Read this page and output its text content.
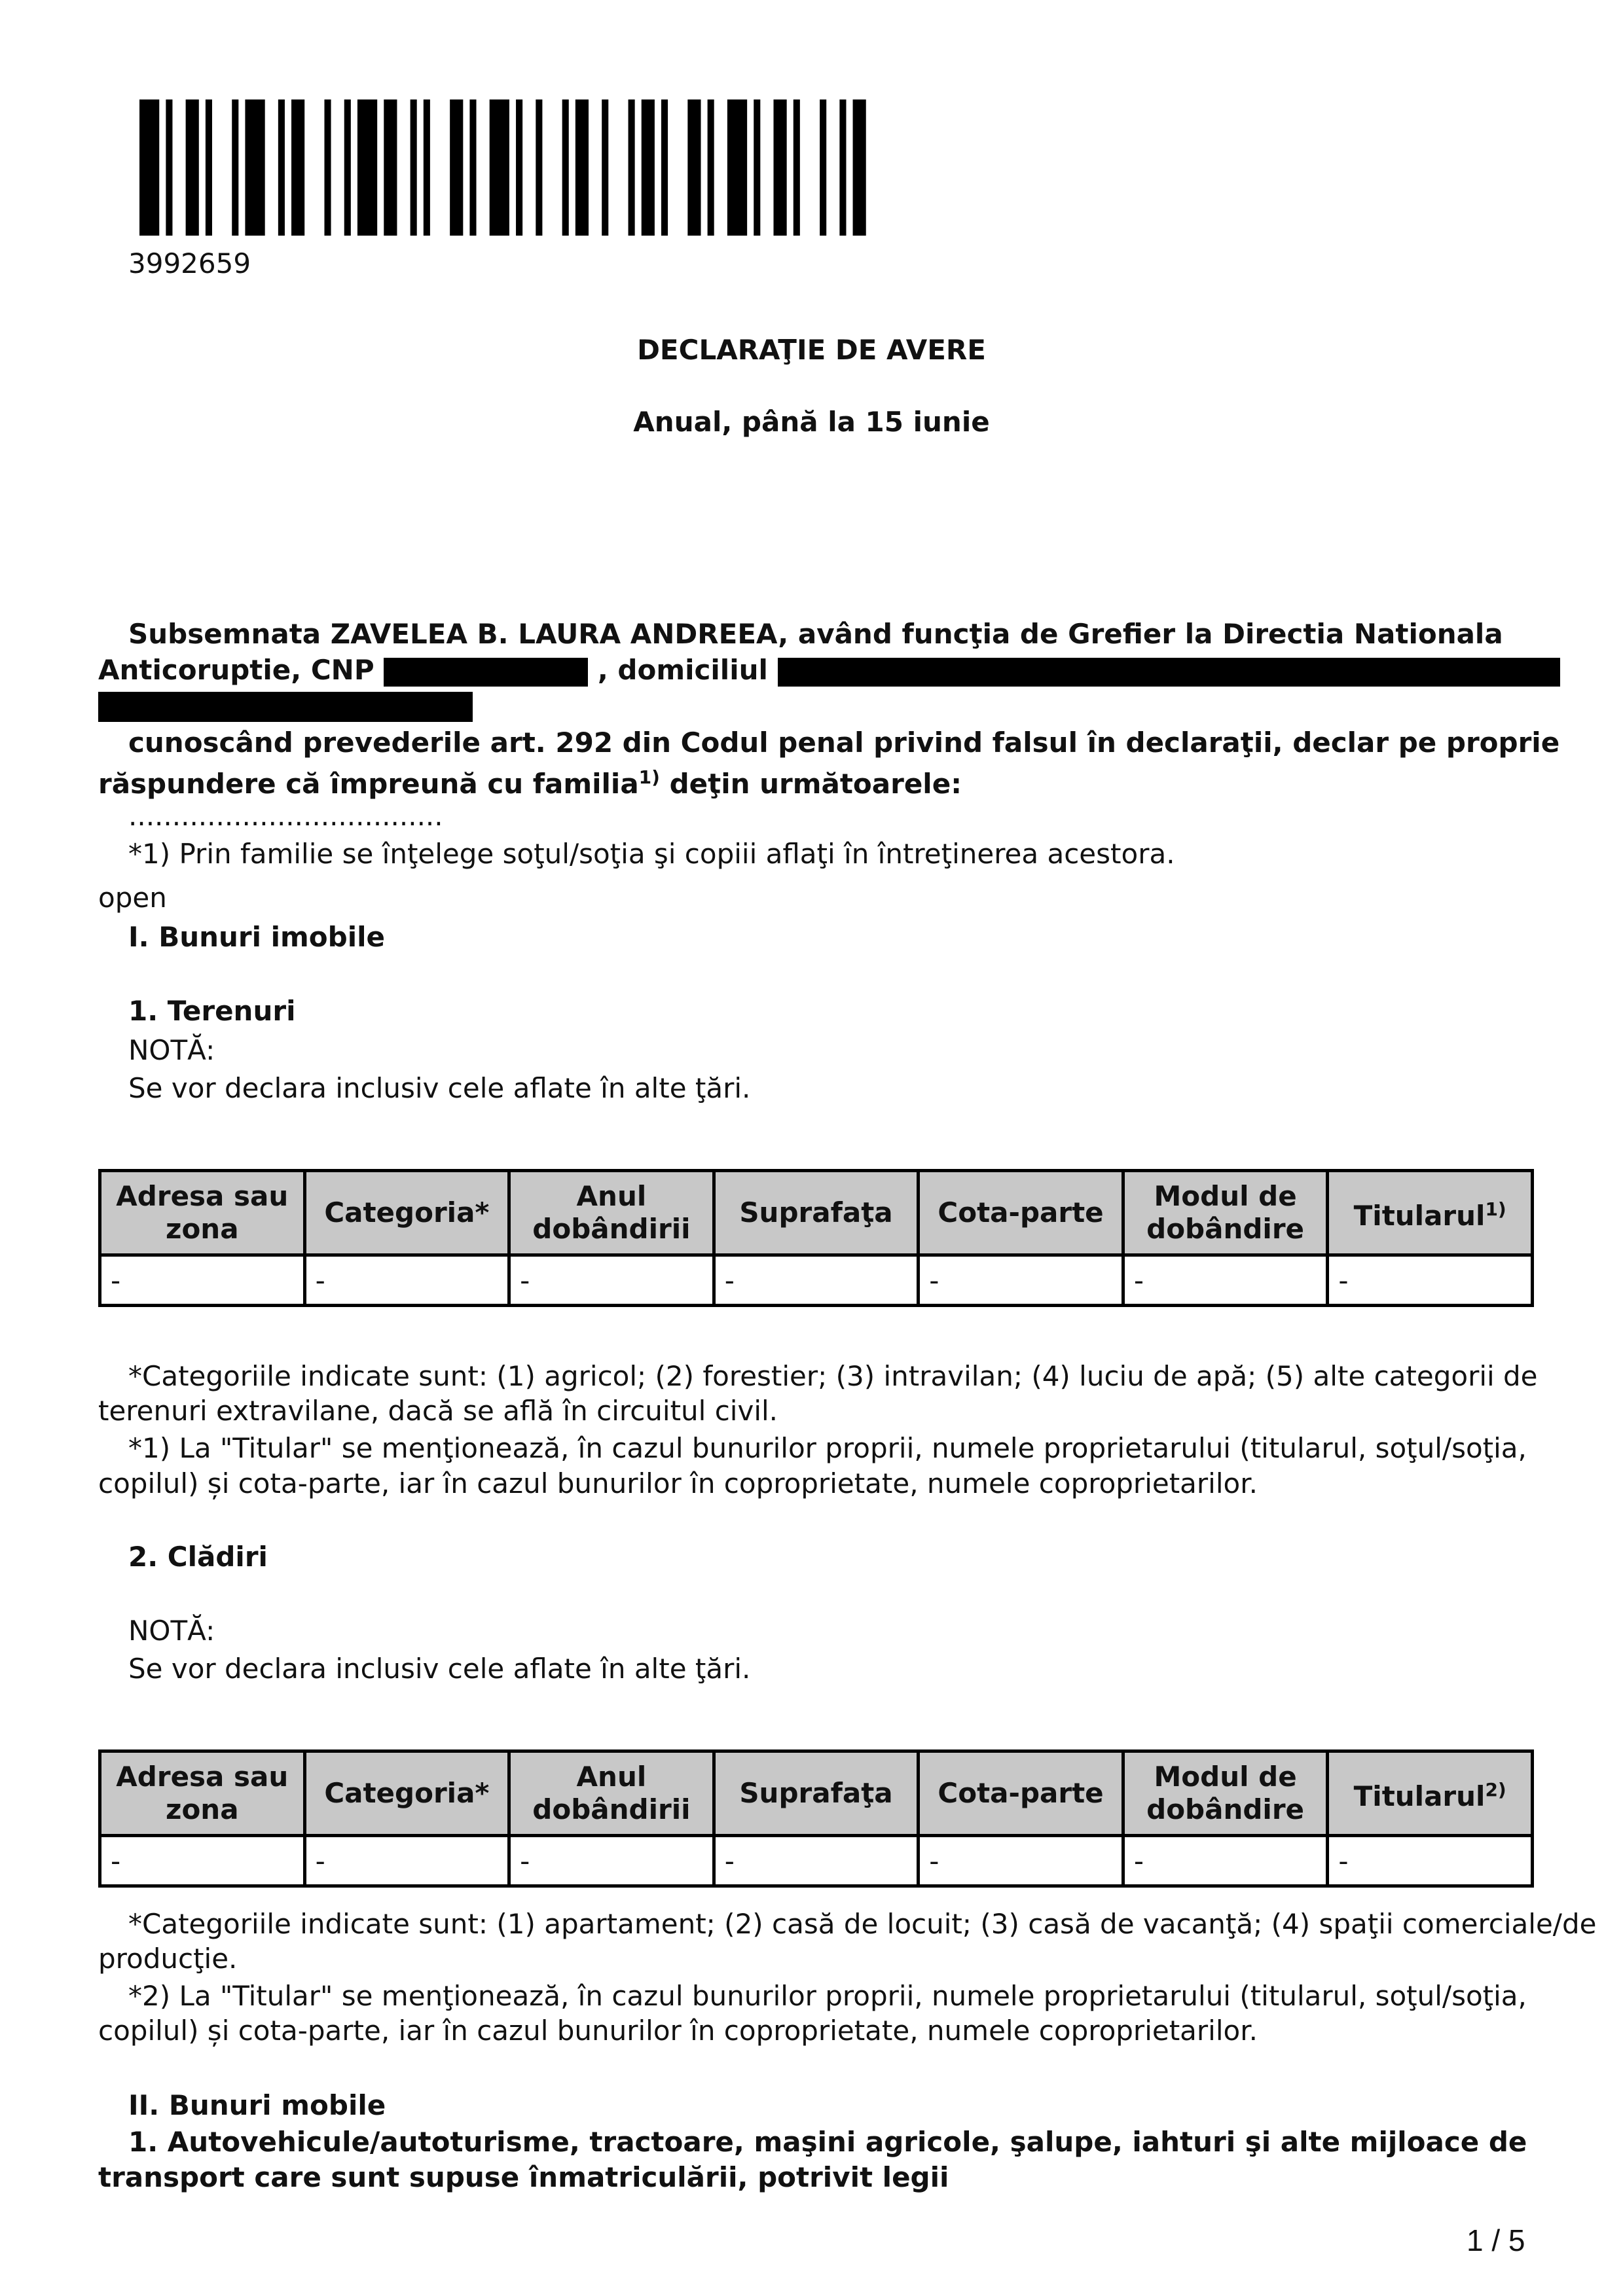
3992659
DECLARAŢIE DE AVERE
Anual, până la 15 iunie
Subsemnata ZAVELEA B. LAURA ANDREEA, având funcţia de Grefier la Directia Nationala
Anticoruptie, CNP	, domiciliul
cunoscând prevederile art. 292 din Codul penal privind falsul în declaraţii, declar pe proprie
răspundere că împreună cu familia$^{1)}$ deţin următoarele:
....................................
*1) Prin familie se înţelege soţul/soţia şi copiii aflaţi în întreţinerea acestora.
open
I. Bunuri imobile
1. Terenuri
NOTĂ:
Se vor declara inclusiv cele aflate în alte ţări.
Adresa sau zona	Categoria*	Anul dobândirii	Suprafaţa	Cota-parte	Modul de dobândire	Titularul$^{1)}$
-	-	-	-	-	-	-
*Categoriile indicate sunt: (1) agricol; (2) forestier; (3) intravilan; (4) luciu de apă; (5) alte categorii de
terenuri extravilane, dacă se află în circuitul civil.
*1) La "Titular" se menţionează, în cazul bunurilor proprii, numele proprietarului (titularul, soţul/soţia,
copilul) și cota-parte, iar în cazul bunurilor în coproprietate, numele coproprietarilor.
2. Clădiri
NOTĂ:
Se vor declara inclusiv cele aflate în alte ţări.
Adresa sau zona	Categoria*	Anul dobândirii	Suprafaţa	Cota-parte	Modul de dobândire	Titularul$^{2)}$
-	-	-	-	-	-	-
*Categoriile indicate sunt: (1) apartament; (2) casă de locuit; (3) casă de vacanţă; (4) spaţii comerciale/de
producţie.
*2) La "Titular" se menţionează, în cazul bunurilor proprii, numele proprietarului (titularul, soţul/soţia,
copilul) și cota-parte, iar în cazul bunurilor în coproprietate, numele coproprietarilor.
II. Bunuri mobile
1. Autovehicule/autoturisme, tractoare, maşini agricole, şalupe, iahturi şi alte mijloace de
transport care sunt supuse înmatriculării, potrivit legii
1 / 5
